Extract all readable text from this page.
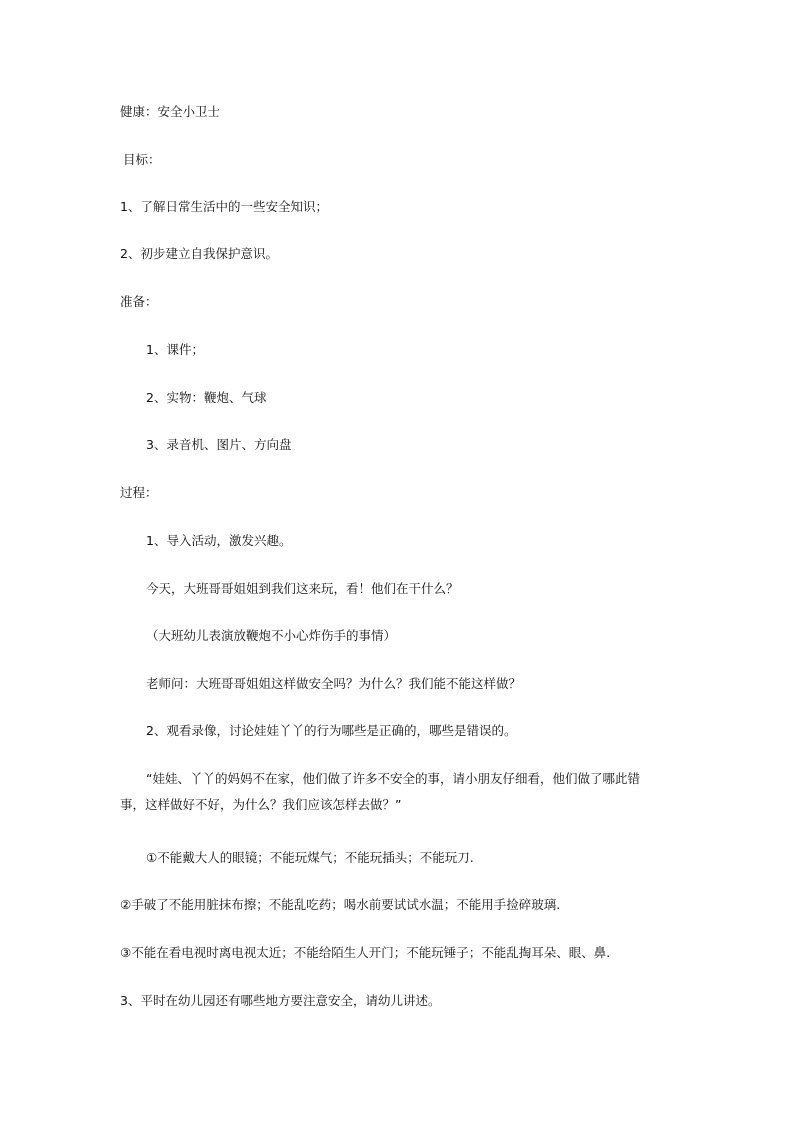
健康：安全小卫士

目标：

1、了解日常生活中的一些安全知识；

2、初步建立自我保护意识。

准备：

1、课件；

2、实物：鞭炮、气球

3、录音机、图片、方向盘

过程：

1、导入活动，激发兴趣。

今天，大班哥哥姐姐到我们这来玩，看！他们在干什么？

（大班幼儿表演放鞭炮不小心炸伤手的事情）

老师问：大班哥哥姐姐这样做安全吗？为什么？我们能不能这样做？

2、观看录像，讨论娃娃丫丫的行为哪些是正确的，哪些是错误的。

“娃娃、丫丫的妈妈不在家，他们做了许多不安全的事，请小朋友仔细看，他们做了哪此错事，这样做好不好，为什么？我们应该怎样去做？”

①不能戴大人的眼镜；不能玩煤气；不能玩插头；不能玩刀.

②手破了不能用脏抹布擦；不能乱吃药；喝水前要试试水温；不能用手捡碎玻璃.

③不能在看电视时离电视太近；不能给陌生人开门；不能玩锤子；不能乱掏耳朵、眼、鼻.

3、平时在幼儿园还有哪些地方要注意安全，请幼儿讲述。
